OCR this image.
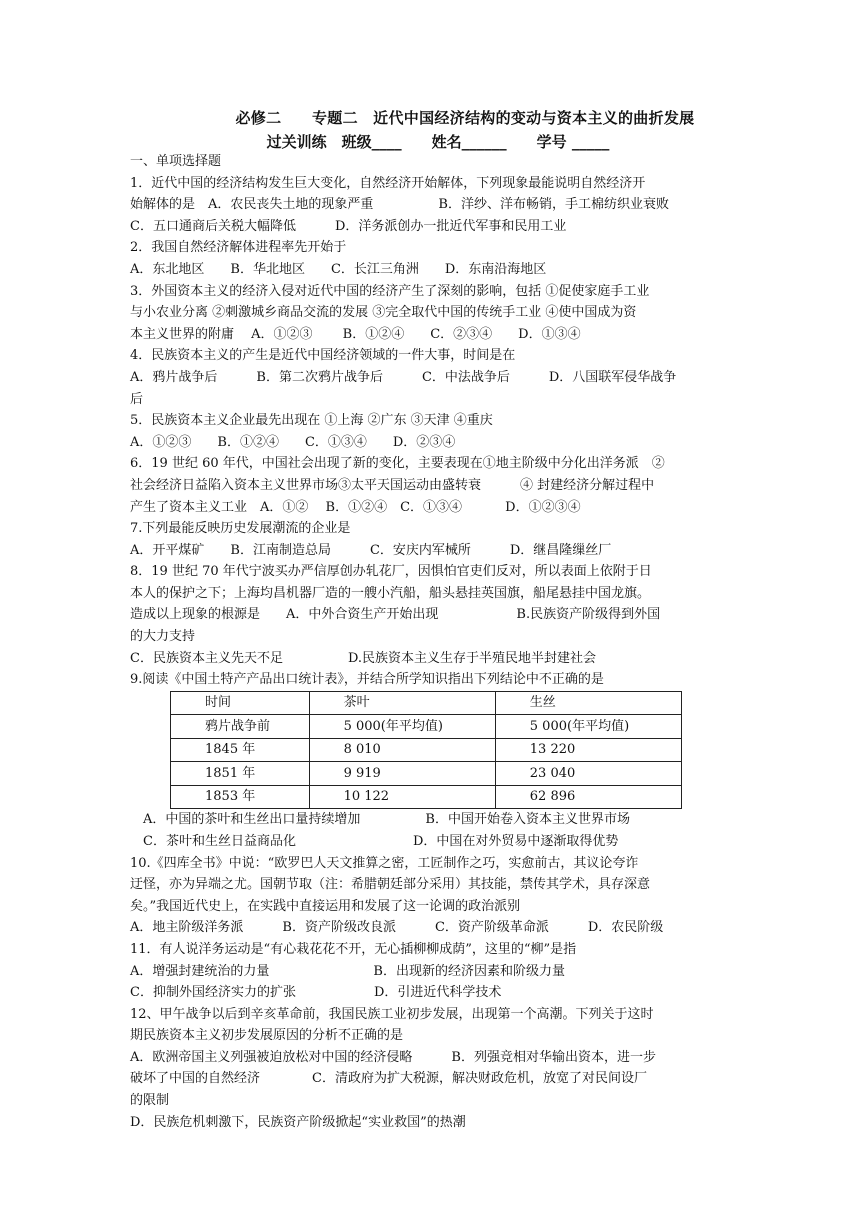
必修二　　专题二　近代中国经济结构的变动与资本主义的曲折发展
过关训练　班级____　　姓名______　　学号 _____
一、单项选择题
1．近代中国的经济结构发生巨大变化，自然经济开始解体，下列现象最能说明自然经济开
始解体的是　A．农民丧失土地的现象严重　　　　　B．洋纱、洋布畅销，手工棉纺织业衰败
C．五口通商后关税大幅降低　　　D．洋务派创办一批近代军事和民用工业
2．我国自然经济解体进程率先开始于
A．东北地区　　B．华北地区　　C．长江三角洲　　D．东南沿海地区
3．外国资本主义的经济入侵对近代中国的经济产生了深刻的影响，包括 ①促使家庭手工业
与小农业分离 ②刺激城乡商品交流的发展 ③完全取代中国的传统手工业 ④使中国成为资
本主义世界的附庸　 A．①②③　　 B．①②④　　C．②③④　　D．①③④
4．民族资本主义的产生是近代中国经济领域的一件大事，时间是在
A．鸦片战争后　　　B．第二次鸦片战争后　　　C．中法战争后　　　D．八国联军侵华战争
后
5．民族资本主义企业最先出现在 ①上海 ②广东 ③天津 ④重庆
A．①②③　　B．①②④　　C．①③④　　D．②③④
6．19 世纪 60 年代，中国社会出现了新的变化，主要表现在①地主阶级中分化出洋务派　②
社会经济日益陷入资本主义世界市场③太平天国运动由盛转衰　　　④ 封建经济分解过程中
产生了资本主义工业　A．①②　 B．①②④　C．①③④　　　 D．①②③④
7.下列最能反映历史发展潮流的企业是
A．开平煤矿　　B．江南制造总局　　　C．安庆内军械所　　　D．继昌隆缫丝厂
8．19 世纪 70 年代宁波买办严信厚创办轧花厂，因惧怕官吏们反对，所以表面上依附于日
本人的保护之下；上海均昌机器厂造的一艘小汽船，船头悬挂英国旗，船尾悬挂中国龙旗。
造成以上现象的根源是　　A．中外合资生产开始出现　　　　　　B.民族资产阶级得到外国
的大力支持
C．民族资本主义先天不足　　　　　D.民族资本主义生存于半殖民地半封建社会
9.阅读《中国土特产产品出口统计表》，并结合所学知识指出下列结论中不正确的是
时间	茶叶	生丝
鸦片战争前	5 000(年平均值)	5 000(年平均值)
1845 年	8 010	13 220
1851 年	9 919	23 040
1853 年	10 122	62 896
　A．中国的茶叶和生丝出口量持续增加　　　　　B．中国开始卷入资本主义世界市场
　C．茶叶和生丝日益商品化　　　　　　　　　D．中国在对外贸易中逐渐取得优势
10.《四库全书》中说：“欧罗巴人天文推算之密，工匠制作之巧，实愈前古，其议论夸诈
迂怪，亦为异端之尤。国朝节取（注：希腊朝廷部分采用）其技能，禁传其学术，具存深意
矣。”我国近代史上，在实践中直接运用和发展了这一论调的政治派别
A．地主阶级洋务派　　　B．资产阶级改良派　　　C．资产阶级革命派　　　D．农民阶级
11．有人说洋务运动是“有心栽花花不开，无心插柳柳成荫”，这里的“柳”是指
A．增强封建统治的力量　　　　　　　　B．出现新的经济因素和阶级力量
C．抑制外国经济实力的扩张　　　　　　D．引进近代科学技术
12、甲午战争以后到辛亥革命前，我国民族工业初步发展，出现第一个高潮。下列关于这时
期民族资本主义初步发展原因的分析不正确的是
A．欧洲帝国主义列强被迫放松对中国的经济侵略　　　B．列强竞相对华输出资本，进一步
破坏了中国的自然经济　　　　C．清政府为扩大税源，解决财政危机，放宽了对民间设厂
的限制
D．民族危机刺激下，民族资产阶级掀起“实业救国”的热潮
